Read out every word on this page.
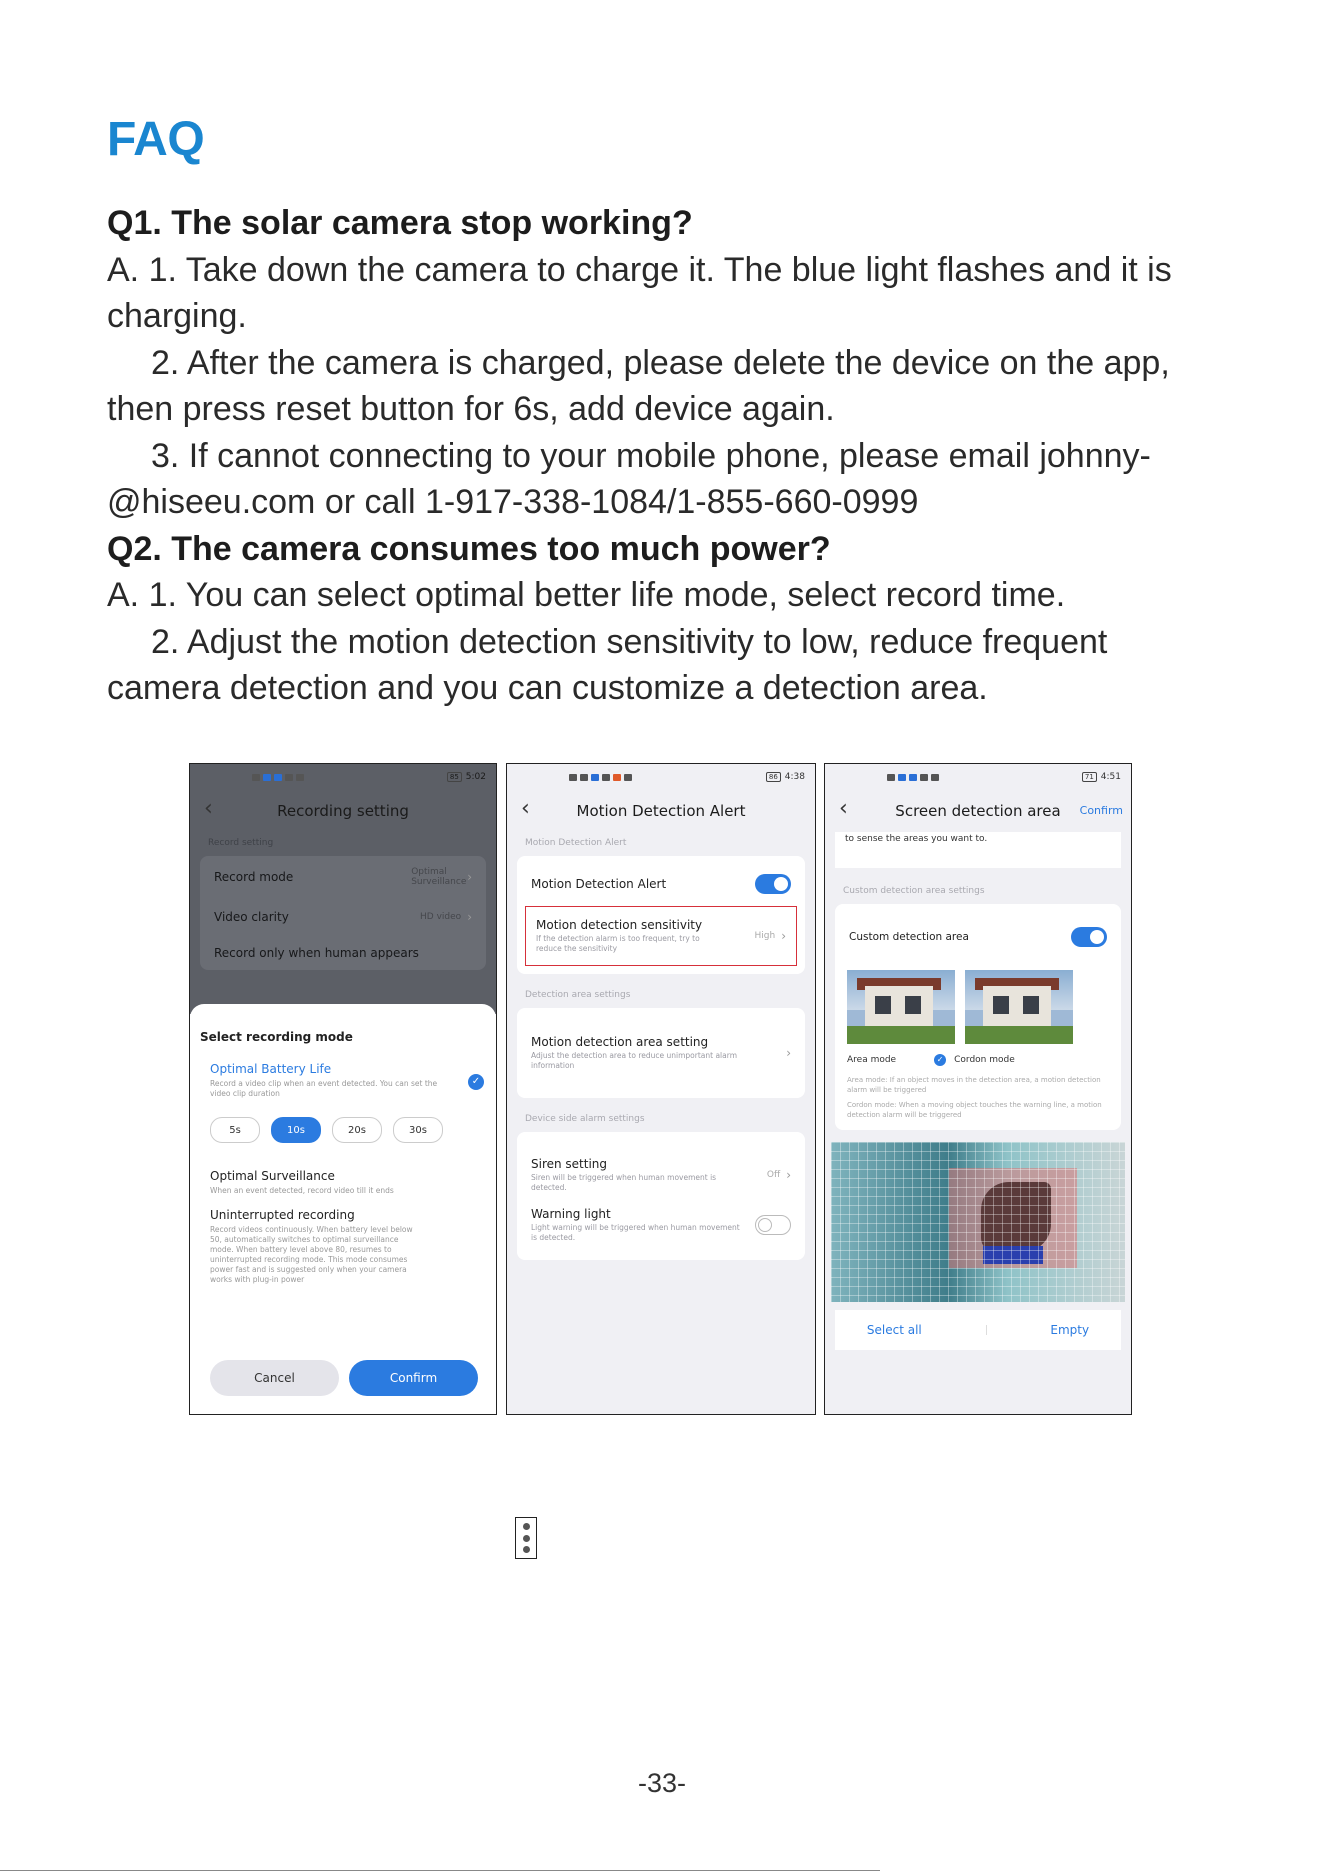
FAQ

Q1. The solar camera stop working?

A. 1. Take down the camera to charge it. The blue light flashes and it is

charging.

2. After the camera is charged, please delete the device on the app,

then press reset button for 6s, add device again.

3. If cannot connecting to your mobile phone, please email johnny-

@hiseeu.com or call 1-917-338-1084/1-855-660-0999

Q2. The camera consumes too much power?

A. 1. You can select optimal better life mode, select record time.

2. Adjust the motion detection sensitivity to low, reduce frequent

camera detection and you can customize a detection area.

85 5:02
‹	Recording setting
Record setting
Record mode	Optimal Surveillance ›
Video clarity	HD video ›
Record only when human appears
Select recording mode
Optimal Battery Life
Record a video clip when an event detected. You can set the video clip duration
✓
5s	10s	20s	30s
Optimal Surveillance
When an event detected, record video till it ends
Uninterrupted recording
Record videos continuously. When battery level below 50, automatically switches to optimal surveillance mode. When battery level above 80, resumes to uninterrupted recording mode. This mode consumes power fast and is suggested only when your camera works with plug-in power
Cancel	Confirm
86 4:38
‹	Motion Detection Alert
Motion Detection Alert
Motion Detection Alert
Motion detection sensitivity
If the detection alarm is too frequent, try to reduce the sensitivity
High ›
Detection area settings
Motion detection area setting
Adjust the detection area to reduce unimportant alarm information
›
Device side alarm settings
Siren setting
Siren will be triggered when human movement is detected.
Off ›
Warning light
Light warning will be triggered when human movement is detected.
71 4:51
‹	Screen detection area Confirm
to sense the areas you want to.
Custom detection area settings
Custom detection area
Area mode	✓ Cordon mode
Area mode: If an object moves in the detection area, a motion detection alarm will be triggered
Cordon mode: When a moving object touches the warning line, a motion detection alarm will be triggered
Select all	Empty
-33-
